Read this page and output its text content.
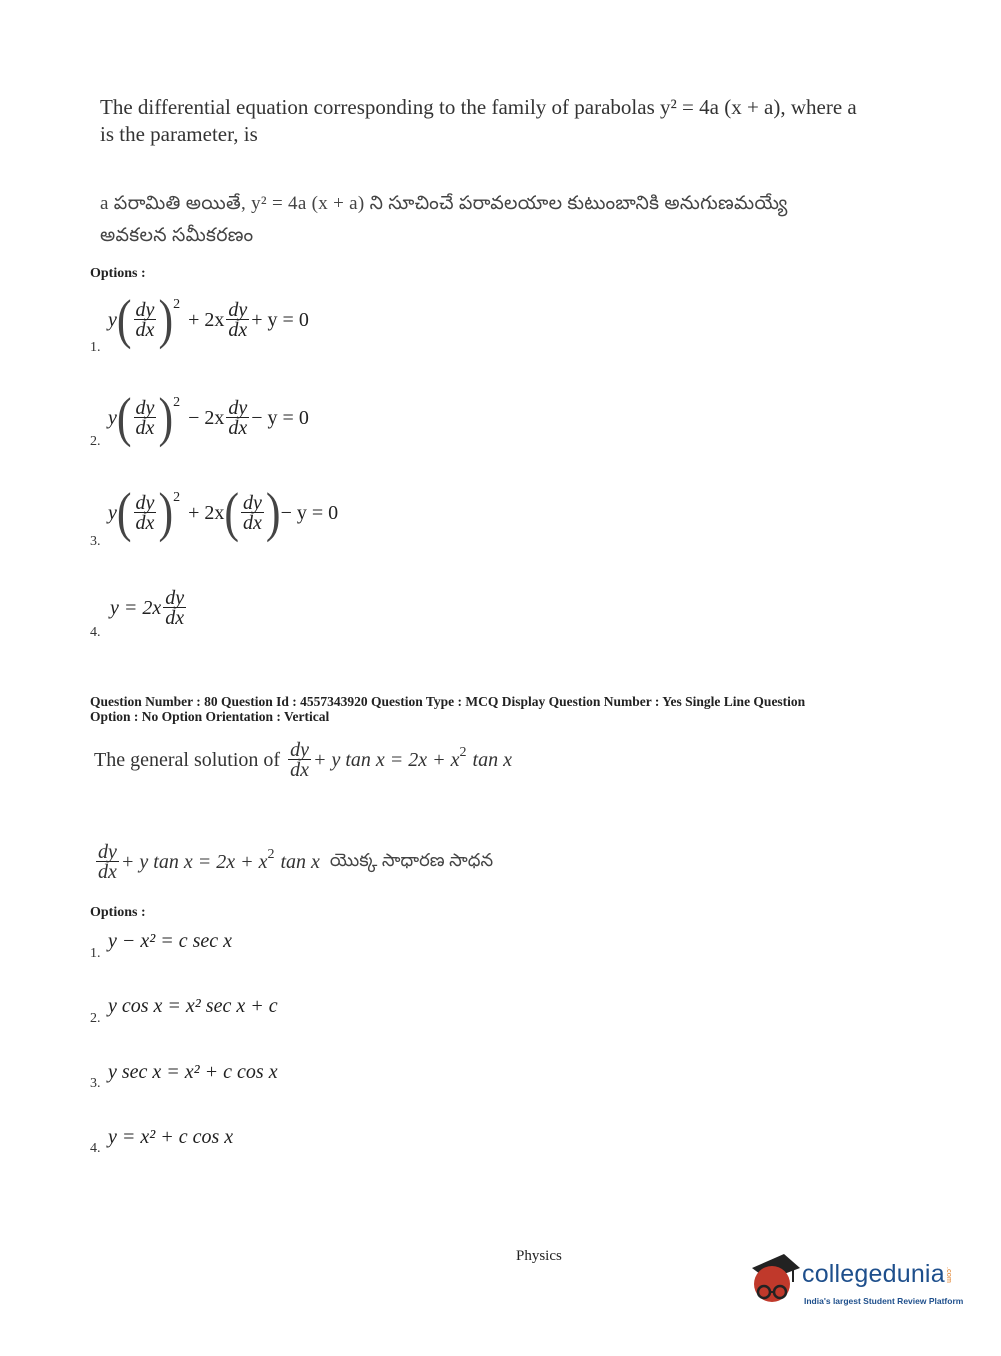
The differential equation corresponding to the family of parabolas y² = 4a (x + a), where a
is the parameter, is
a పరామితి అయితే, y² = 4a (x + a) ని సూచించే పరావలయాల కుటుంబానికి అనుగుణమయ్యే
అవకలన సమీకరణం
Options :
y ( $\frac{dy}{dx}$ ) 2
+ $2x \frac{dy}{dx} + y = 0$
1.
y ( $\frac{dy}{dx}$ ) 2
− $2x \frac{dy}{dx} - y = 0$
2.
y ( $\frac{dy}{dx}$ ) 2
+ 2x ( $\frac{dy}{dx}$ ) − y = 0
3.
$y = 2x \frac{dy}{dx}$
4.
Question Number : 80 Question Id : 4557343920 Question Type : MCQ Display Question Number : Yes Single Line Question
Option : No Option Orientation : Vertical
The general solution of $\frac{dy}{dx} + y$ tan x = 2x + x 2 tan x
$\frac{dy}{dx} + y$ tan x = 2x + x 2 tan x యొక్క సాధారణ సాధన
Options :
y − x² = c sec x
1.
y cos x = x² sec x + c
2.
y sec x = x² + c cos x
3.
y = x² + c cos x
4.
Physics
collegedunia.com
India's largest Student Review Platform
